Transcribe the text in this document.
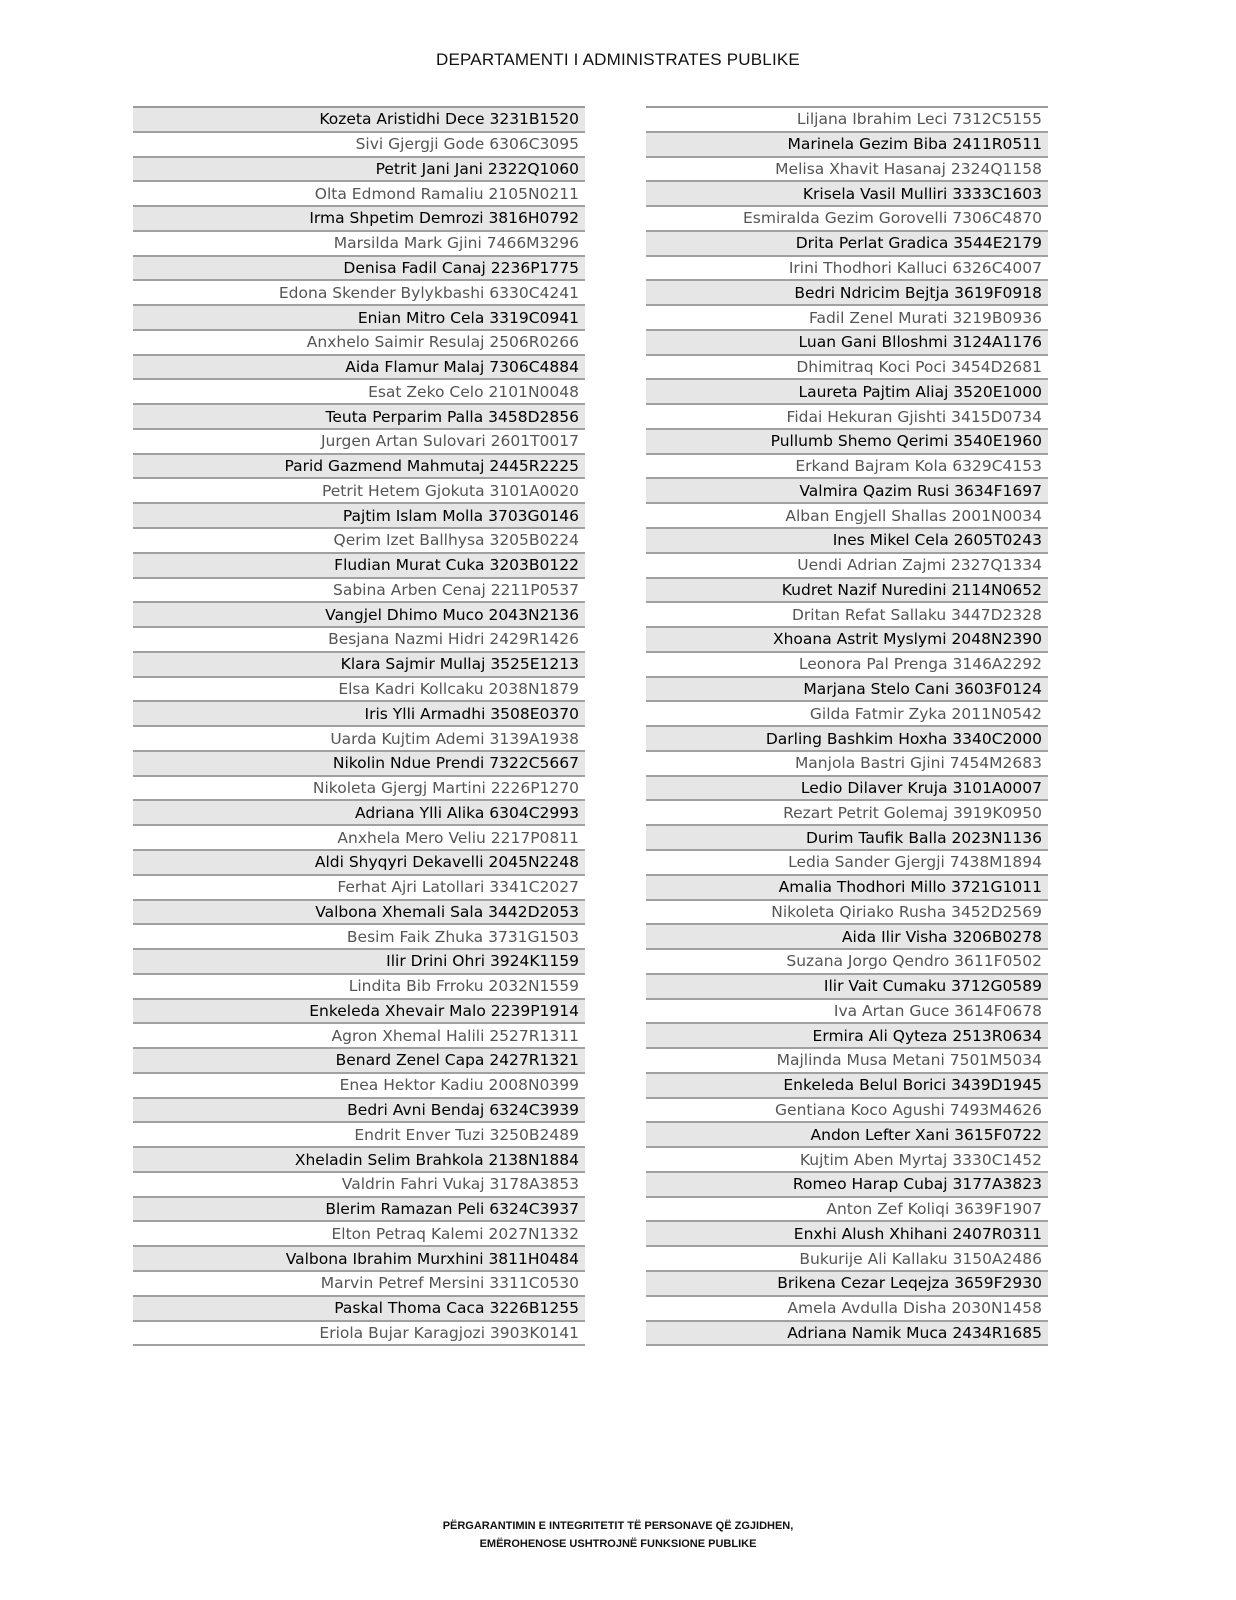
DEPARTAMENTI I ADMINISTRATES PUBLIKE
Kozeta Aristidhi Dece 3231B1520
Sivi Gjergji Gode 6306C3095
Petrit Jani Jani 2322Q1060
Olta Edmond Ramaliu 2105N0211
Irma Shpetim Demrozi 3816H0792
Marsilda Mark Gjini 7466M3296
Denisa Fadil Canaj 2236P1775
Edona Skender Bylykbashi 6330C4241
Enian Mitro Cela 3319C0941
Anxhelo Saimir Resulaj 2506R0266
Aida Flamur Malaj 7306C4884
Esat Zeko Celo 2101N0048
Teuta Perparim Palla 3458D2856
Jurgen Artan Sulovari 2601T0017
Parid Gazmend Mahmutaj 2445R2225
Petrit Hetem Gjokuta 3101A0020
Pajtim Islam Molla 3703G0146
Qerim Izet Ballhysa 3205B0224
Fludian Murat Cuka 3203B0122
Sabina Arben Cenaj 2211P0537
Vangjel Dhimo Muco 2043N2136
Besjana Nazmi Hidri 2429R1426
Klara Sajmir Mullaj 3525E1213
Elsa Kadri Kollcaku 2038N1879
Iris Ylli Armadhi 3508E0370
Uarda Kujtim Ademi 3139A1938
Nikolin Ndue Prendi 7322C5667
Nikoleta Gjergj Martini 2226P1270
Adriana Ylli Alika 6304C2993
Anxhela Mero Veliu 2217P0811
Aldi Shyqyri Dekavelli 2045N2248
Ferhat Ajri Latollari 3341C2027
Valbona Xhemali Sala 3442D2053
Besim Faik Zhuka 3731G1503
Ilir Drini Ohri 3924K1159
Lindita Bib Frroku 2032N1559
Enkeleda Xhevair Malo 2239P1914
Agron Xhemal Halili 2527R1311
Benard Zenel Capa 2427R1321
Enea Hektor Kadiu 2008N0399
Bedri Avni Bendaj 6324C3939
Endrit Enver Tuzi 3250B2489
Xheladin Selim Brahkola 2138N1884
Valdrin Fahri Vukaj 3178A3853
Blerim Ramazan Peli 6324C3937
Elton Petraq Kalemi 2027N1332
Valbona Ibrahim Murxhini 3811H0484
Marvin Petref Mersini 3311C0530
Paskal Thoma Caca 3226B1255
Eriola Bujar Karagjozi 3903K0141
Liljana Ibrahim Leci 7312C5155
Marinela Gezim Biba 2411R0511
Melisa Xhavit Hasanaj 2324Q1158
Krisela Vasil Mulliri 3333C1603
Esmiralda Gezim Gorovelli 7306C4870
Drita Perlat Gradica 3544E2179
Irini Thodhori Kalluci 6326C4007
Bedri Ndricim Bejtja 3619F0918
Fadil Zenel Murati 3219B0936
Luan Gani Blloshmi 3124A1176
Dhimitraq Koci Poci 3454D2681
Laureta Pajtim Aliaj 3520E1000
Fidai Hekuran Gjishti 3415D0734
Pullumb Shemo Qerimi 3540E1960
Erkand Bajram Kola 6329C4153
Valmira Qazim Rusi 3634F1697
Alban Engjell Shallas 2001N0034
Ines Mikel Cela 2605T0243
Uendi Adrian Zajmi 2327Q1334
Kudret Nazif Nuredini 2114N0652
Dritan Refat Sallaku 3447D2328
Xhoana Astrit Myslymi 2048N2390
Leonora Pal Prenga 3146A2292
Marjana Stelo Cani 3603F0124
Gilda Fatmir Zyka 2011N0542
Darling Bashkim Hoxha 3340C2000
Manjola Bastri Gjini 7454M2683
Ledio Dilaver Kruja 3101A0007
Rezart Petrit Golemaj 3919K0950
Durim Taufik Balla 2023N1136
Ledia Sander Gjergji 7438M1894
Amalia Thodhori Millo 3721G1011
Nikoleta Qiriako Rusha 3452D2569
Aida Ilir Visha 3206B0278
Suzana Jorgo Qendro 3611F0502
Ilir Vait Cumaku 3712G0589
Iva Artan Guce 3614F0678
Ermira Ali Qyteza 2513R0634
Majlinda Musa Metani 7501M5034
Enkeleda Belul Borici 3439D1945
Gentiana Koco Agushi 7493M4626
Andon Lefter Xani 3615F0722
Kujtim Aben Myrtaj 3330C1452
Romeo Harap Cubaj 3177A3823
Anton Zef Koliqi 3639F1907
Enxhi Alush Xhihani 2407R0311
Bukurije Ali Kallaku 3150A2486
Brikena Cezar Leqejza 3659F2930
Amela Avdulla Disha 2030N1458
Adriana Namik Muca 2434R1685
PËRGARANTIMIN E INTEGRITETIT TË PERSONAVE QË ZGJIDHEN,
EMËROHENOSE USHTROJNË FUNKSIONE PUBLIKE
